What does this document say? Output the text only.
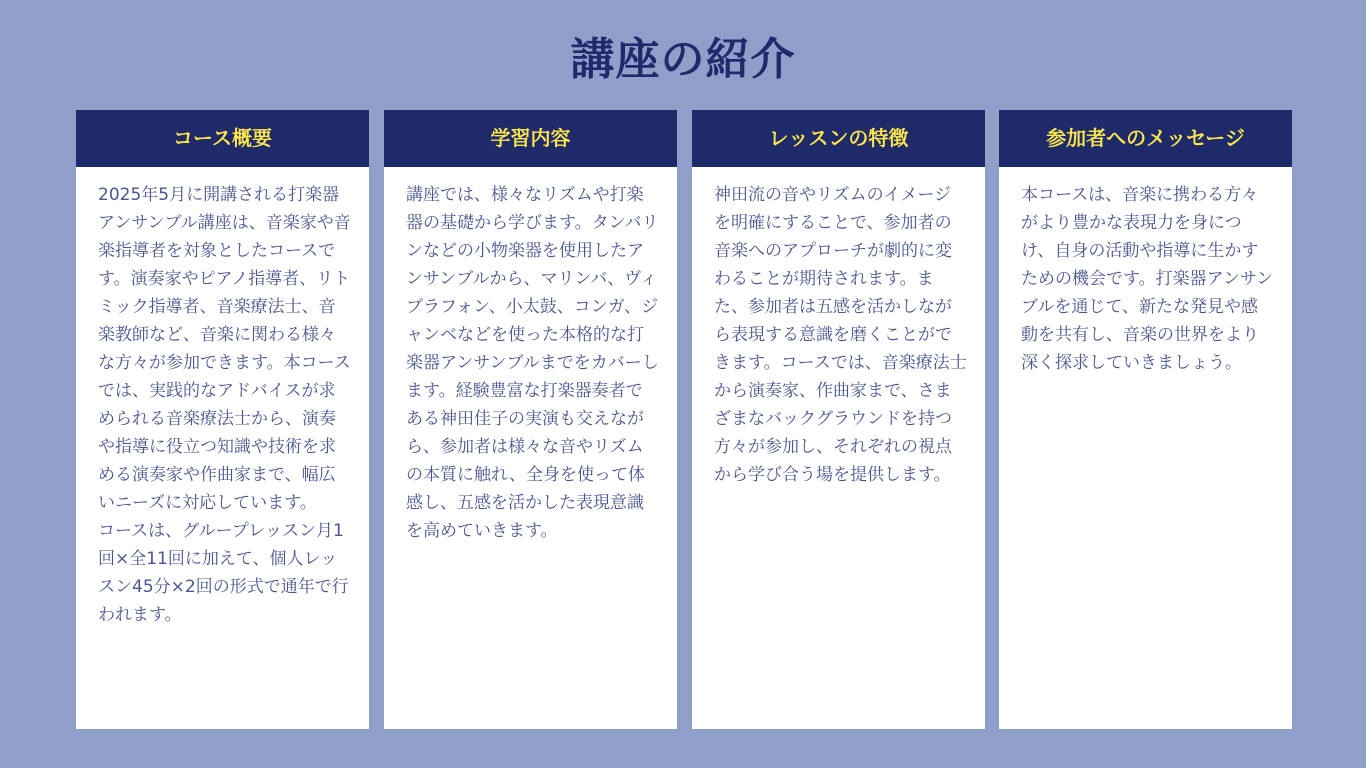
講座の紹介
コース概要
2025年5月に開講される打楽器アンサンブル講座は、音楽家や音楽指導者を対象としたコースです。演奏家やピアノ指導者、リトミック指導者、音楽療法士、音楽教師など、音楽に関わる様々な方々が参加できます。本コースでは、実践的なアドバイスが求められる音楽療法士から、演奏や指導に役立つ知識や技術を求める演奏家や作曲家まで、幅広いニーズに対応しています。
コースは、グループレッスン月1回×全11回に加えて、個人レッスン45分×2回の形式で通年で行われます。
学習内容
講座では、様々なリズムや打楽器の基礎から学びます。タンバリンなどの小物楽器を使用したアンサンブルから、マリンバ、ヴィブラフォン、小太鼓、コンガ、ジャンベなどを使った本格的な打楽器アンサンブルまでをカバーします。経験豊富な打楽器奏者である神田佳子の実演も交えながら、参加者は様々な音やリズムの本質に触れ、全身を使って体感し、五感を活かした表現意識を高めていきます。
レッスンの特徴
神田流の音やリズムのイメージを明確にすることで、参加者の音楽へのアプローチが劇的に変わることが期待されます。また、参加者は五感を活かしながら表現する意識を磨くことができます。コースでは、音楽療法士から演奏家、作曲家まで、さまざまなバックグラウンドを持つ方々が参加し、それぞれの視点から学び合う場を提供します。
参加者へのメッセージ
本コースは、音楽に携わる方々がより豊かな表現力を身につけ、自身の活動や指導に生かすための機会です。打楽器アンサンブルを通じて、新たな発見や感動を共有し、音楽の世界をより深く探求していきましょう。
